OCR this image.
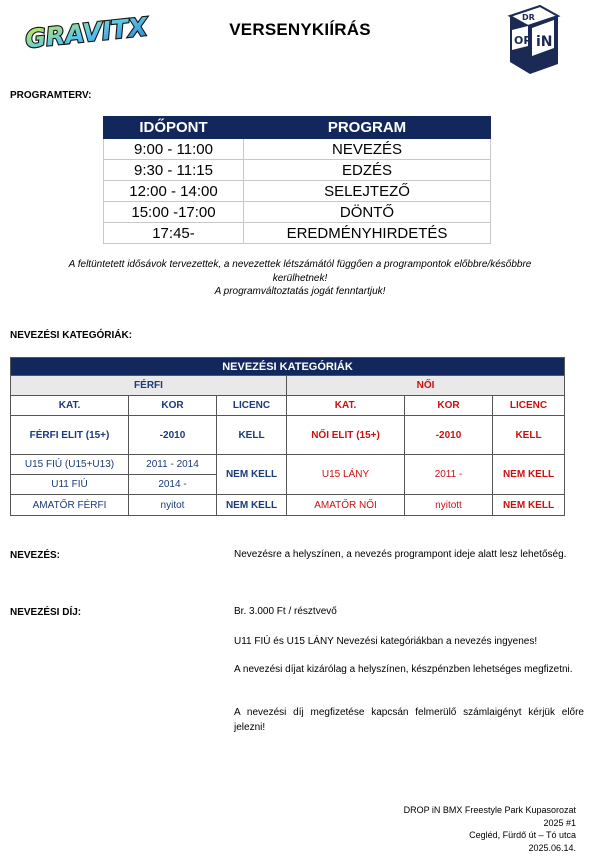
GRAVITX	OP iN
DR
VERSENYKIÍRÁS
PROGRAMTERV:
IDŐPONT	PROGRAM
9:00 - 11:00	NEVEZÉS
9:30 - 11:15	EDZÉS
12:00 - 14:00	SELEJTEZŐ
15:00 -17:00	DÖNTŐ
17:45-	EREDMÉNYHIRDETÉS
A feltüntetett idősávok tervezettek, a nevezettek létszámától függően a programpontok előbbre/későbbre
kerülhetnek!
A programváltoztatás jogát fenntartjuk!
NEVEZÉSI KATEGÓRIÁK:
NEVEZÉSI KATEGÓRIÁK					
FÉRFI			NŐI		
KAT.	KOR	LICENC	KAT.	KOR	LICENC
FÉRFI ELIT (15+)	-2010	KELL	NŐI ELIT (15+)	-2010	KELL
U15 FIÚ (U15+U13)	2011 - 2014	NEM KELL	U15 LÁNY	2011 -	NEM KELL
U11 FIÚ	2014 -				
AMATŐR FÉRFI	nyitot	NEM KELL	AMATŐR NŐI	nyitott	NEM KELL
NEVEZÉS:	Nevezésre a helyszínen, a nevezés programpont ideje alatt lesz lehetőség.
NEVEZÉSI DÍJ:	Br. 3.000 Ft / résztvevő
U11 FIÚ és U15 LÁNY Nevezési kategóriákban a nevezés ingyenes!
A nevezési díjat kizárólag a helyszínen, készpénzben lehetséges megfizetni.
A nevezési díj megfizetése kapcsán felmerülő számlaigényt kérjük előre jelezni!
DROP iN BMX Freestyle Park Kupasorozat
2025 #1
Cegléd, Fürdő út – Tó utca
2025.06.14.
